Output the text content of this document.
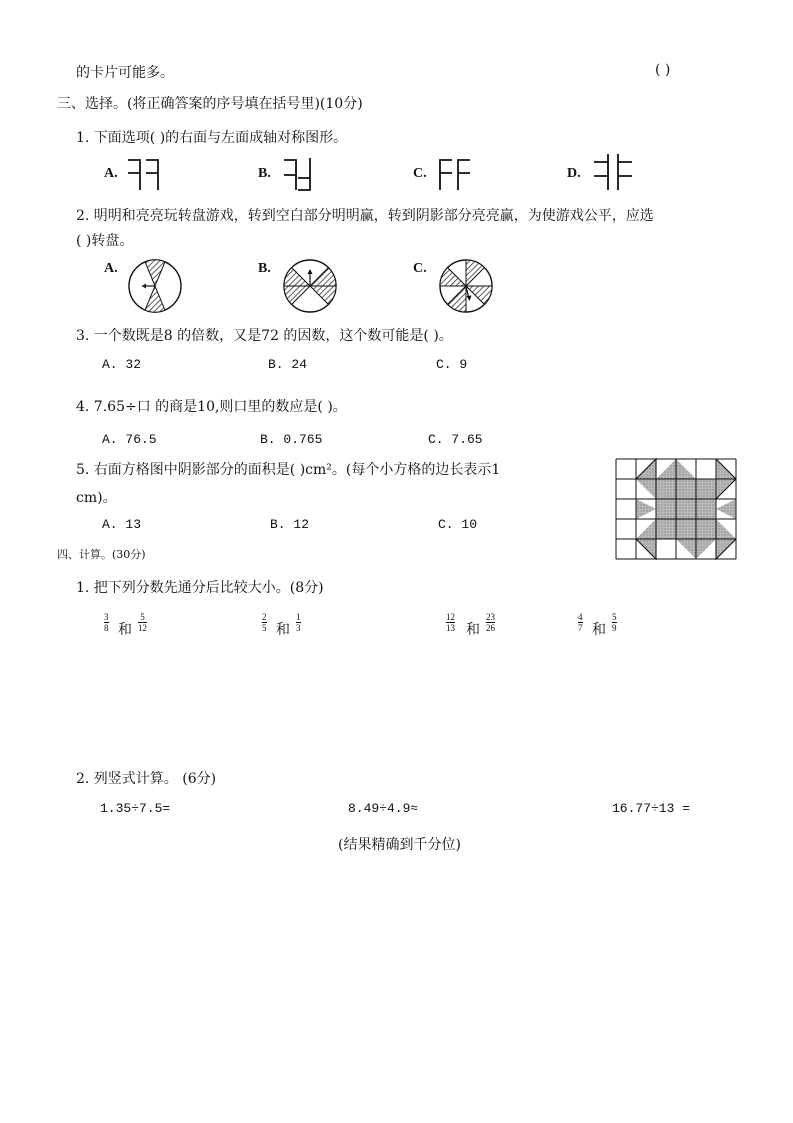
的卡片可能多。	( )
三、选择。(将正确答案的序号填在括号里)(10分)
1. 下面选项( )的右面与左面成轴对称图形。
A.	B.	C.	D.
2. 明明和亮亮玩转盘游戏，转到空白部分明明赢，转到阴影部分亮亮赢，为使游戏公平，应选
( )转盘。
A.	B.	C.
3. 一个数既是8 的倍数，又是72 的因数，这个数可能是( )。
A. 32	B. 24	C. 9
4. 7.65÷口 的商是10,则口里的数应是( )。
A. 76.5	B. 0.765	C. 7.65
5. 右面方格图中阴影部分的面积是( )cm²。(每个小方格的边长表示1
cm)。
A. 13	B. 12	C. 10
四、计算。(30分)
1. 把下列分数先通分后比较大小。(8分)
3
8 和
5
12
2
5 和
1
3
12
13 和
23
26
4
7 和
5
9
2. 列竖式计算。 (6分)
1.35÷7.5=	8.49÷4.9≈	16.77÷13 =
(结果精确到千分位)
